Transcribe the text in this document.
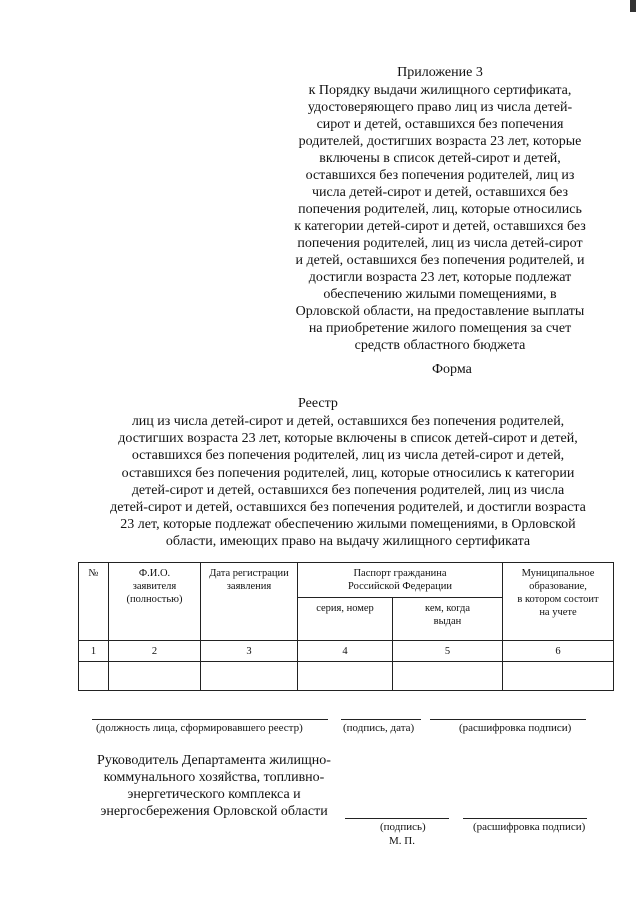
Приложение 3
к Порядку выдачи жилищного сертификата,
удостоверяющего право лиц из числа детей-
сирот и детей, оставшихся без попечения
родителей, достигших возраста 23 лет, которые
включены в список детей-сирот и детей,
оставшихся без попечения родителей, лиц из
числа детей-сирот и детей, оставшихся без
попечения родителей, лиц, которые относились
к категории детей-сирот и детей, оставшихся без
попечения родителей, лиц из числа детей-сирот
и детей, оставшихся без попечения родителей, и
достигли возраста 23 лет, которые подлежат
обеспечению жилыми помещениями, в
Орловской области, на предоставление выплаты
на приобретение жилого помещения за счет
средств областного бюджета
Форма
Реестр
лиц из числа детей-сирот и детей, оставшихся без попечения родителей,
достигших возраста 23 лет, которые включены в список детей-сирот и детей,
оставшихся без попечения родителей, лиц из числа детей-сирот и детей,
оставшихся без попечения родителей, лиц, которые относились к категории
детей-сирот и детей, оставшихся без попечения родителей, лиц из числа
детей-сирот и детей, оставшихся без попечения родителей, и достигли возраста
23 лет, которые подлежат обеспечению жилыми помещениями, в Орловской
области, имеющих право на выдачу жилищного сертификата
№	Ф.И.О.
заявителя
(полностью)	Дата регистрации
заявления	Паспорт гражданина
Российской Федерации		Муниципальное
образование,
в котором состоит
на учете
			серия, номер	кем, когда
выдан	
1	2	3	4	5	6

(должность лица, сформировавшего реестр)	(подпись, дата)	(расшифровка подписи)
Руководитель Департамента жилищно-
коммунального хозяйства, топливно-
энергетического комплекса и
энергосбережения Орловской области
(подпись)	(расшифровка подписи)
М. П.
